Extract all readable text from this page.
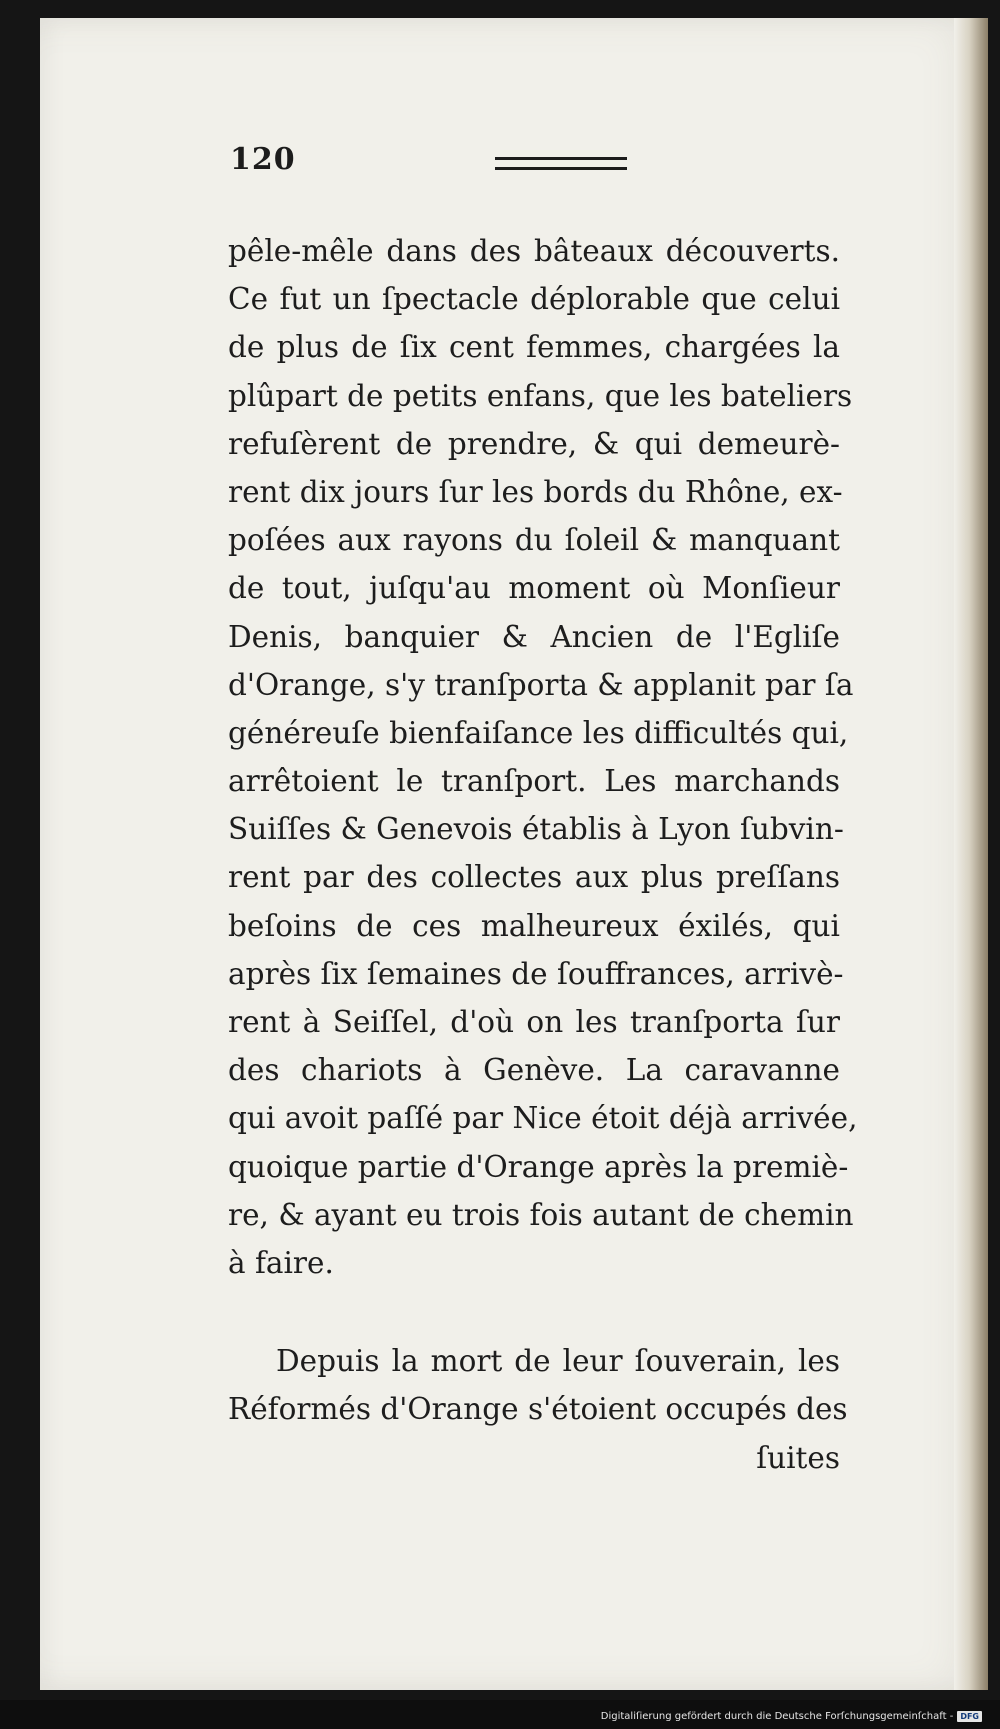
120
pêle-mêle dans des bâteaux découverts.
Ce fut un ſpectacle déplorable que celui
de plus de ſix cent femmes, chargées la
plûpart de petits enfans, que les bateliers
refuſèrent de prendre, & qui demeurè-
rent dix jours ſur les bords du Rhône, ex-
poſées aux rayons du ſoleil & manquant
de tout, juſqu'au moment où Monſieur
Denis, banquier & Ancien de l'Egliſe
d'Orange, s'y tranſporta & applanit par ſa
généreuſe bienfaiſance les difficultés qui,
arrêtoient le tranſport. Les marchands
Suiſſes & Genevois établis à Lyon ſubvin-
rent par des collectes aux plus preſſans
beſoins de ces malheureux éxilés, qui
après ſix ſemaines de ſouffrances, arrivè-
rent à Seiſſel, d'où on les tranſporta ſur
des chariots à Genève. La caravanne
qui avoit paſſé par Nice étoit déjà arrivée,
quoique partie d'Orange après la premiè-
re, & ayant eu trois fois autant de chemin
à faire.
Depuis la mort de leur ſouverain, les
Réformés d'Orange s'étoient occupés des
ſuites
Digitaliſierung gefördert durch die Deutsche Forſchungsgemeinſchaft - DFG
